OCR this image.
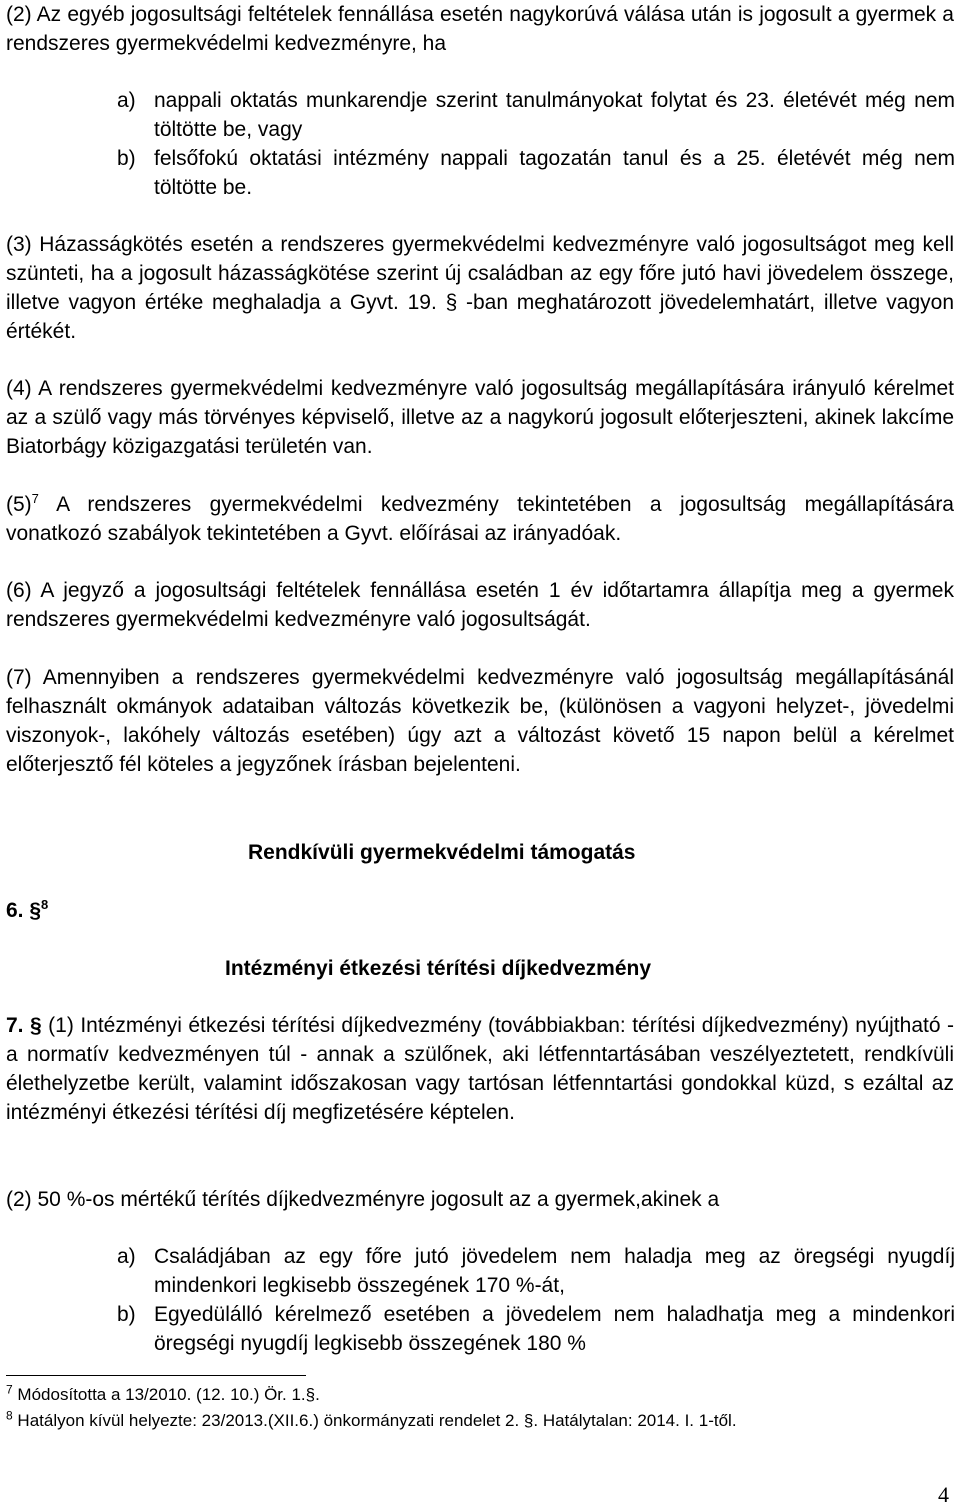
(2) Az egyéb jogosultsági feltételek fennállása esetén nagykorúvá válása után is jogosult a gyermek a rendszeres gyermekvédelmi kedvezményre, ha

a) nappali oktatás munkarendje szerint tanulmányokat folytat és 23. életévét még nem töltötte be, vagy
b) felsőfokú oktatási intézmény nappali tagozatán tanul és a 25. életévét még nem töltötte be.

(3) Házasságkötés esetén a rendszeres gyermekvédelmi kedvezményre való jogosultságot meg kell szünteti, ha a jogosult házasságkötése szerint új családban az egy főre jutó havi jövedelem összege, illetve vagyon értéke meghaladja a Gyvt. 19. § -ban meghatározott jövedelemhatárt, illetve vagyon értékét.

(4) A rendszeres gyermekvédelmi kedvezményre való jogosultság megállapítására irányuló kérelmet az a szülő vagy más törvényes képviselő, illetve az a nagykorú jogosult előterjeszteni, akinek lakcíme Biatorbágy közigazgatási területén van.

$(5)^7$ A rendszeres gyermekvédelmi kedvezmény tekintetében a jogosultság megállapítására vonatkozó szabályok tekintetében a Gyvt. előírásai az irányadóak.

(6) A jegyző a jogosultsági feltételek fennállása esetén 1 év időtartamra állapítja meg a gyermek rendszeres gyermekvédelmi kedvezményre való jogosultságát.

(7) Amennyiben a rendszeres gyermekvédelmi kedvezményre való jogosultság megállapításánál felhasznált okmányok adataiban változás következik be, (különösen a vagyoni helyzet-, jövedelmi viszonyok-, lakóhely változás esetében) úgy azt a változást követő 15 napon belül a kérelmet előterjesztő fél köteles a jegyzőnek írásban bejelenteni.

Rendkívüli gyermekvédelmi támogatás

6. §$^8$

Intézményi étkezési térítési díjkedvezmény

7. § (1) Intézményi étkezési térítési díjkedvezmény (továbbiakban: térítési díjkedvezmény) nyújtható - a normatív kedvezményen túl - annak a szülőnek, aki létfenntartásában veszélyeztetett, rendkívüli élethelyzetbe került, valamint időszakosan vagy tartósan létfenntartási gondokkal küzd, s ezáltal az intézményi étkezési térítési díj megfizetésére képtelen.

(2) 50 %-os mértékű térítés díjkedvezményre jogosult az a gyermek,akinek a

a) Családjában az egy főre jutó jövedelem nem haladja meg az öregségi nyugdíj mindenkori legkisebb összegének 170 %-át,
b) Egyedülálló kérelmező esetében a jövedelem nem haladhatja meg a mindenkori öregségi nyugdíj legkisebb összegének 180 %

$^7$ Módosította a 13/2010. (12. 10.) Ör. 1.§.

$^8$ Hatályon kívül helyezte: 23/2013.(XII.6.) önkormányzati rendelet 2. §. Hatálytalan: 2014. I. 1-től.

4
